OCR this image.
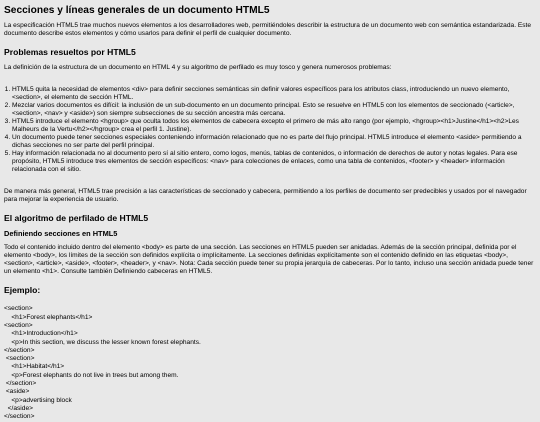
Secciones y líneas generales de un documento HTML5

La especificación HTML5 trae muchos nuevos elementos a los desarrolladores web, permitiéndoles describir la estructura de un documento web con semántica estandarizada. Este documento describe estos elementos y cómo usarlos para definir el perfil de cualquier documento.

Problemas resueltos por HTML5

La definición de la estructura de un documento en HTML 4 y su algoritmo de perfilado es muy tosco y genera numerosos problemas:

1. HTML5 quita la necesidad de elementos <div> para definir secciones semánticas sin definir valores específicos para los atributos class, introduciendo un nuevo elemento, <section>, el elemento de sección HTML.
2. Mezclar varios documentos es difícil: la inclusión de un sub-documento en un documento principal. Esto se resuelve en HTML5 con los elementos de seccionado (<article>, <section>, <nav> y <aside>) son siempre subsecciones de su sección ancestra más cercana.
3. HTML5 introduce el elemento <hgroup> que oculta todos los elementos de cabecera excepto el primero de más alto rango (por ejemplo, <hgroup><h1>Justine</h1><h2>Les Malheurs de la Vertu</h2></hgroup> crea el perfil 1. Justine).
4. Un documento puede tener secciones especiales conteniendo información relacionado que no es parte del flujo principal. HTML5 introduce el elemento <aside> permitiendo a dichas secciones no ser parte del perfil principal.
5. Hay información relacionada no al documento pero sí al sitio entero, como logos, menús, tablas de contenidos, o información de derechos de autor y notas legales. Para ese propósito, HTML5 introduce tres elementos de sección específicos: <nav> para colecciones de enlaces, como una tabla de contenidos, <footer> y <header> información relacionada con el sitio.

De manera más general, HTML5 trae precisión a las características de seccionado y cabecera, permitiendo a los perfiles de documento ser predecibles y usados por el navegador para mejorar la experiencia de usuario.

El algoritmo de perfilado de HTML5
Definiendo secciones en HTML5

Todo el contenido incluido dentro del elemento <body> es parte de una sección. Las secciones en HTML5 pueden ser anidadas. Además de la sección principal, definida por el elemento <body>, los límites de la sección son definidos explícita o implícitamente. La secciones definidas explícitamente son el contenido definido en las etiquetas <body>, <section>, <article>, <aside>, <footer>, <header>, y <nav>. Nota: Cada sección puede tener su propia jerarquía de cabeceras. Por lo tanto, incluso una sección anidada puede tener un elemento <h1>. Consulte también Definiendo cabeceras en HTML5.

Ejemplo:
<section>
<h1>Forest elephants</h1>
<section>
<h1>Introduction</h1>
<p>In this section, we discuss the lesser known forest elephants.
</section>
<section>
<h1>Habitat</h1>
<p>Forest elephants do not live in trees but among them.
</section>
<aside>
<p>advertising block
</aside>
</section>
